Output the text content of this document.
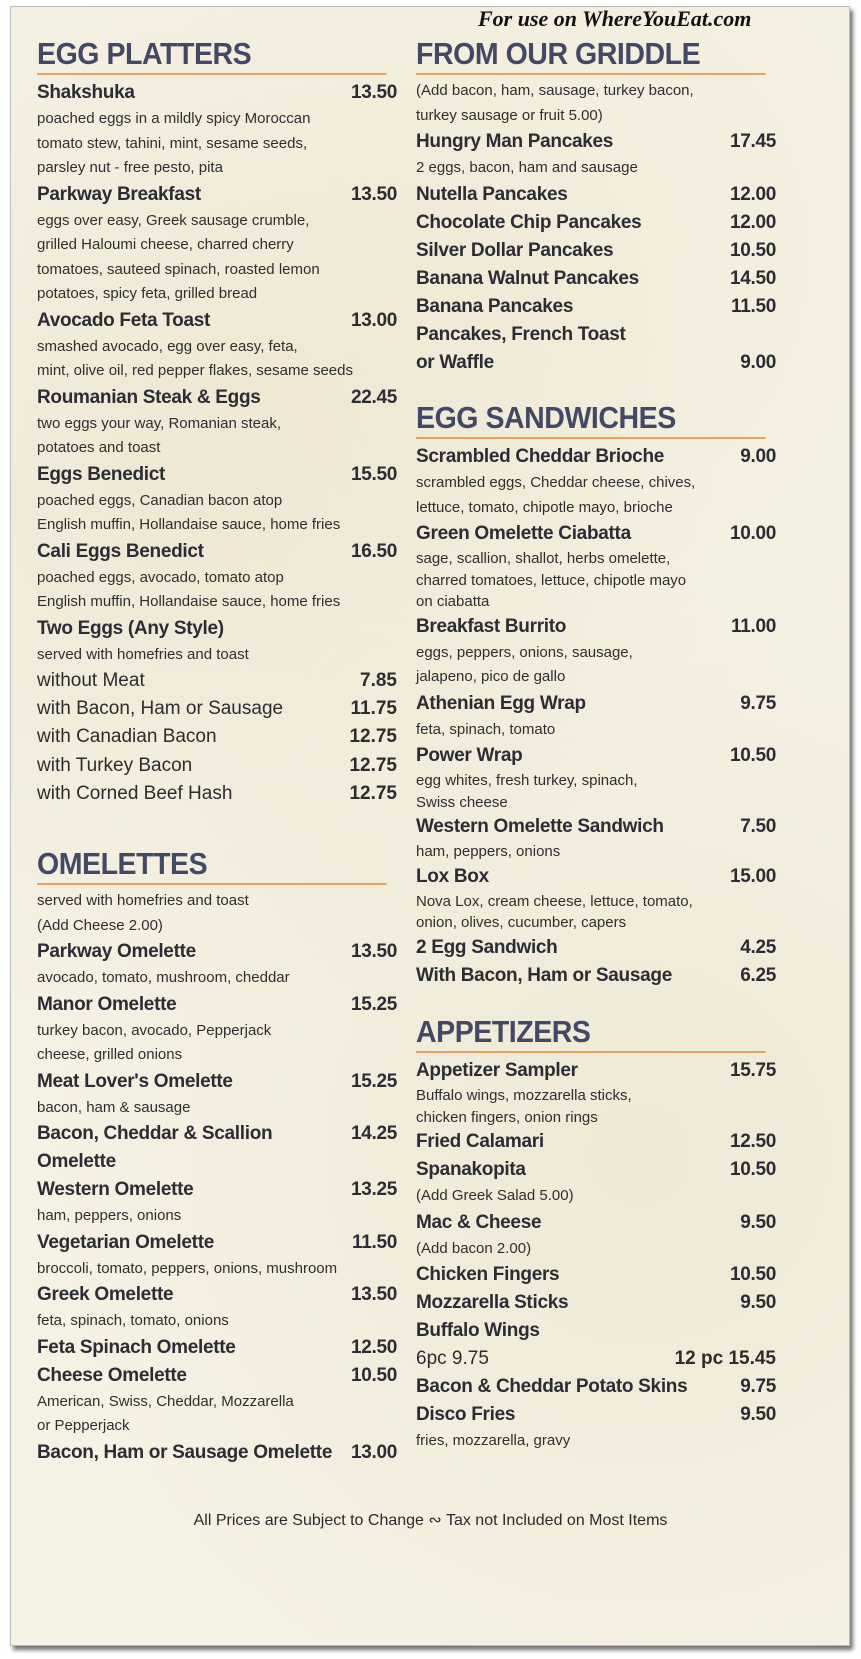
EGG PLATTERS
Shakshuka	13.50
poached eggs in a mildly spicy Moroccan
tomato stew, tahini, mint, sesame seeds,
parsley nut - free pesto, pita
Parkway Breakfast	13.50
eggs over easy, Greek sausage crumble,
grilled Haloumi cheese, charred cherry
tomatoes, sauteed spinach, roasted lemon
potatoes, spicy feta, grilled bread
Avocado Feta Toast	13.00
smashed avocado, egg over easy, feta,
mint, olive oil, red pepper flakes, sesame seeds
Roumanian Steak & Eggs	22.45
two eggs your way, Romanian steak,
potatoes and toast
Eggs Benedict	15.50
poached eggs, Canadian bacon atop
English muffin, Hollandaise sauce, home fries
Cali Eggs Benedict	16.50
poached eggs, avocado, tomato atop
English muffin, Hollandaise sauce, home fries
Two Eggs (Any Style)
served with homefries and toast
without Meat	7.85
with Bacon, Ham or Sausage	11.75
with Canadian Bacon	12.75
with Turkey Bacon	12.75
with Corned Beef Hash	12.75
OMELETTES
served with homefries and toast
(Add Cheese 2.00)
Parkway Omelette	13.50
avocado, tomato, mushroom, cheddar
Manor Omelette	15.25
turkey bacon, avocado, Pepperjack
cheese, grilled onions
Meat Lover's Omelette	15.25
bacon, ham & sausage
Bacon, Cheddar & Scallion Omelette
14.25
Western Omelette	13.25
ham, peppers, onions
Vegetarian Omelette	11.50
broccoli, tomato, peppers, onions, mushroom
Greek Omelette	13.50
feta, spinach, tomato, onions
Feta Spinach Omelette	12.50
Cheese Omelette	10.50
American, Swiss, Cheddar, Mozzarella
or Pepperjack
Bacon, Ham or Sausage Omelette 13.00
FROM OUR GRIDDLE
(Add bacon, ham, sausage, turkey bacon,
turkey sausage or fruit 5.00)
Hungry Man Pancakes	17.45
2 eggs, bacon, ham and sausage
Nutella Pancakes	12.00
Chocolate Chip Pancakes	12.00
Silver Dollar Pancakes	10.50
Banana Walnut Pancakes	14.50
Banana Pancakes	11.50
Pancakes, French Toast
or Waffle	9.00
EGG SANDWICHES
Scrambled Cheddar Brioche	9.00
scrambled eggs, Cheddar cheese, chives,
lettuce, tomato, chipotle mayo, brioche
Green Omelette Ciabatta	10.00
sage, scallion, shallot, herbs omelette,
charred tomatoes, lettuce, chipotle mayo
on ciabatta
Breakfast Burrito	11.00
eggs, peppers, onions, sausage,
jalapeno, pico de gallo
Athenian Egg Wrap	9.75
feta, spinach, tomato
Power Wrap	10.50
egg whites, fresh turkey, spinach,
Swiss cheese
Western Omelette Sandwich	7.50
ham, peppers, onions
Lox Box	15.00
Nova Lox, cream cheese, lettuce, tomato,
onion, olives, cucumber, capers
2 Egg Sandwich	4.25
With Bacon, Ham or Sausage	6.25
APPETIZERS
Appetizer Sampler	15.75
Buffalo wings, mozzarella sticks,
chicken fingers, onion rings
Fried Calamari	12.50
Spanakopita	10.50
(Add Greek Salad 5.00)
Mac & Cheese	9.50
(Add bacon 2.00)
Chicken Fingers	10.50
Mozzarella Sticks	9.50
Buffalo Wings
6pc 9.75	12 pc 15.45
Bacon & Cheddar Potato Skins	9.75
Disco Fries	9.50
fries, mozzarella, gravy
For use on WhereYouEat.com
All Prices are Subject to Change ∾ Tax not Included on Most Items
